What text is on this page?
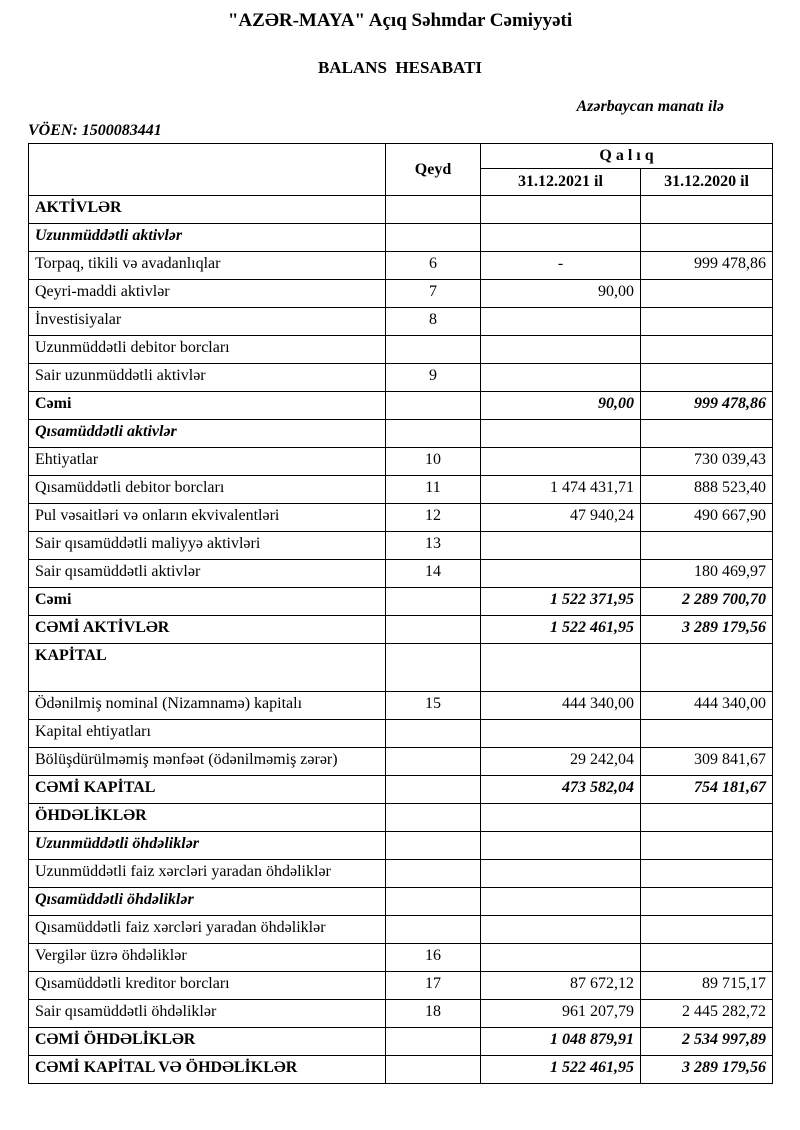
"AZƏR-MAYA" Açıq Səhmdar Cəmiyyəti
BALANS  HESABATI
Azərbaycan manatı ilə
VÖEN: 1500083441
	Qeyd	Q a l ı q	
		31.12.2021 il	31.12.2020 il
AKTİVLƏR			
Uzunmüddətli aktivlər			
Torpaq, tikili və avadanlıqlar	6	-	999 478,86
Qeyri-maddi aktivlər	7	90,00	
İnvestisiyalar	8		
Uzunmüddətli debitor borcları			
Sair uzunmüddətli aktivlər	9		
Cəmi		90,00	999 478,86
Qısamüddətli aktivlər			
Ehtiyatlar	10		730 039,43
Qısamüddətli debitor borcları	11	1 474 431,71	888 523,40
Pul vəsaitləri və onların ekvivalentləri	12	47 940,24	490 667,90
Sair qısamüddətli maliyyə aktivləri	13		
Sair qısamüddətli aktivlər	14		180 469,97
Cəmi		1 522 371,95	2 289 700,70
CƏMİ AKTİVLƏR		1 522 461,95	3 289 179,56
KAPİTAL			
Ödənilmiş nominal (Nizamnamə) kapitalı	15	444 340,00	444 340,00
Kapital ehtiyatları			
Bölüşdürülməmiş mənfəət (ödənilməmiş zərər)		29 242,04	309 841,67
CƏMİ KAPİTAL		473 582,04	754 181,67
ÖHDƏLİKLƏR			
Uzunmüddətli öhdəliklər			
Uzunmüddətli faiz xərcləri yaradan öhdəliklər			
Qısamüddətli öhdəliklər			
Qısamüddətli faiz xərcləri yaradan öhdəliklər			
Vergilər üzrə öhdəliklər	16		
Qısamüddətli kreditor borcları	17	87 672,12	89 715,17
Sair qısamüddətli öhdəliklər	18	961 207,79	2 445 282,72
CƏMİ ÖHDƏLİKLƏR		1 048 879,91	2 534 997,89
CƏMİ KAPİTAL VƏ ÖHDƏLİKLƏR		1 522 461,95	3 289 179,56
